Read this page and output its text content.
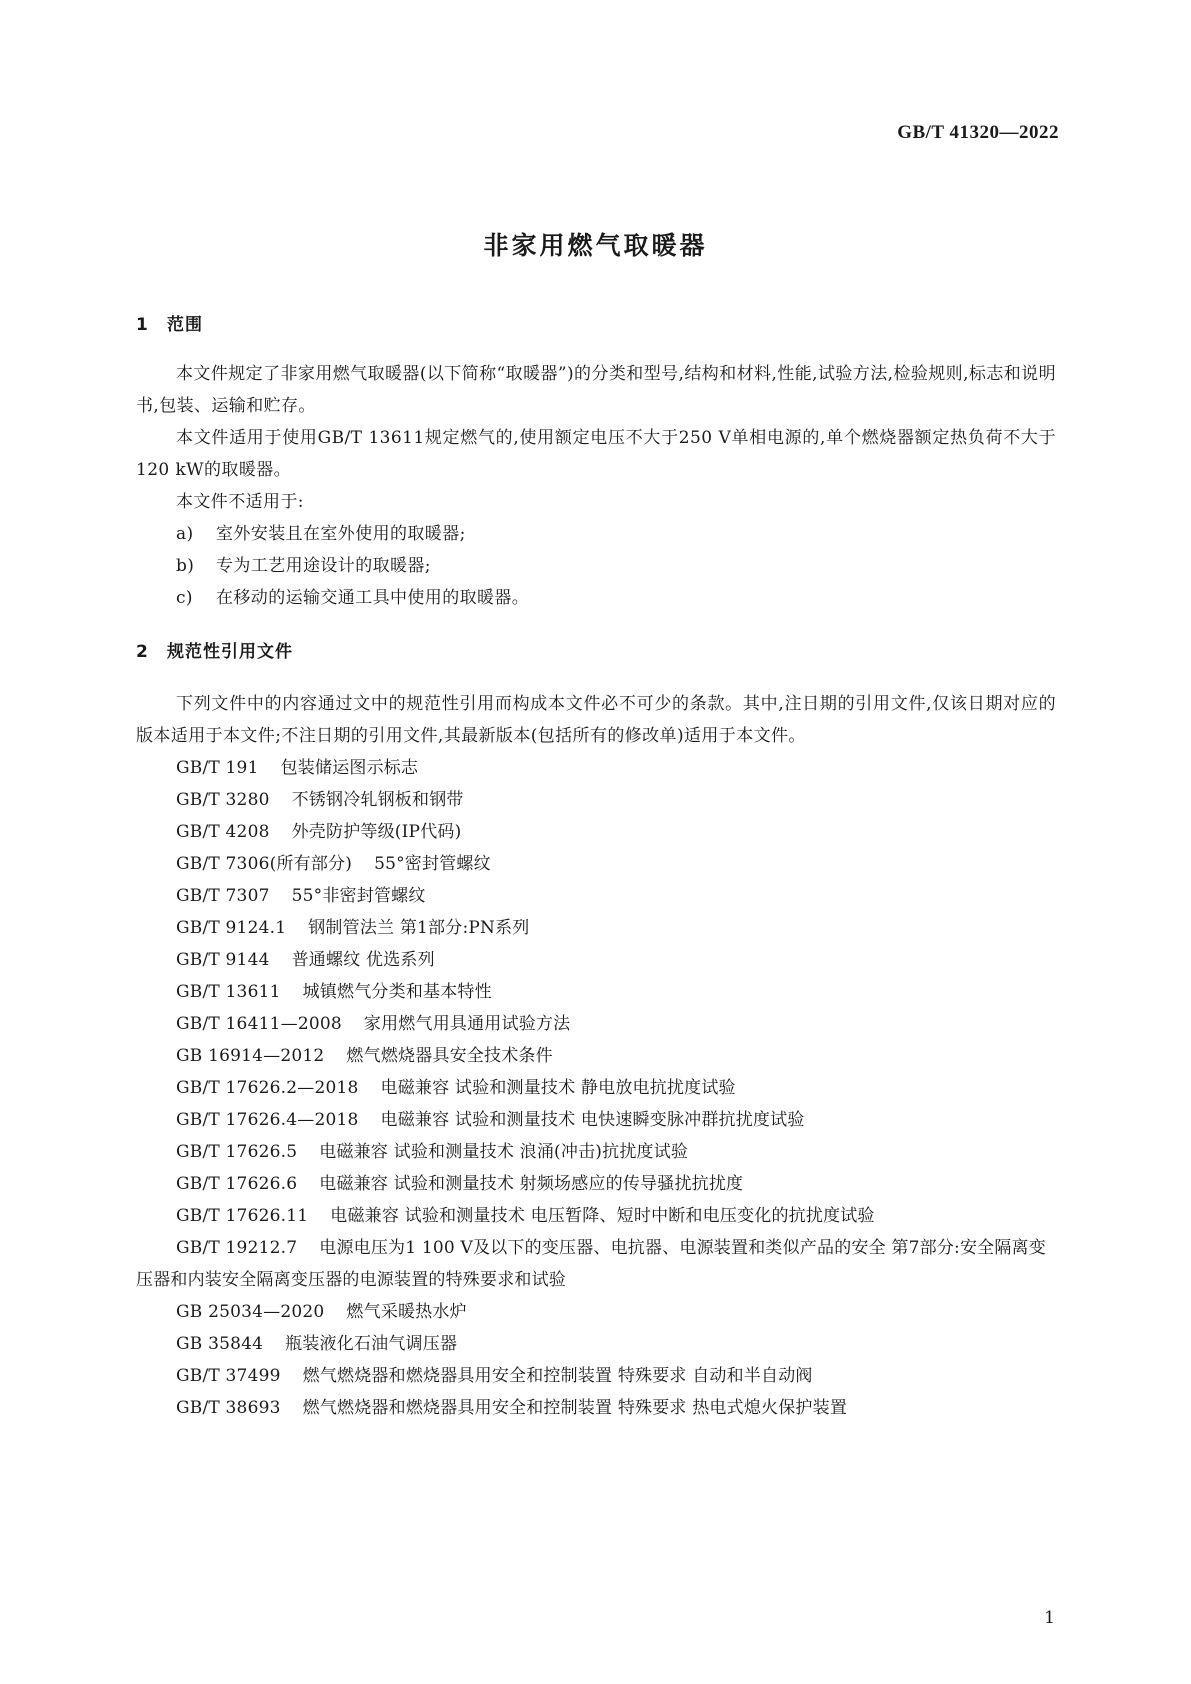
GB/T 41320—2022
非家用燃气取暖器
1 范围
本文件规定了非家用燃气取暖器(以下简称“取暖器”)的分类和型号,结构和材料,性能,试验方法,检验规则,标志和说明书,包装、运输和贮存。
本文件适用于使用GB/T 13611规定燃气的,使用额定电压不大于250 V单相电源的,单个燃烧器额定热负荷不大于120 kW的取暖器。
本文件不适用于:
a) 室外安装且在室外使用的取暖器;
b) 专为工艺用途设计的取暖器;
c) 在移动的运输交通工具中使用的取暖器。
2 规范性引用文件
下列文件中的内容通过文中的规范性引用而构成本文件必不可少的条款。其中,注日期的引用文件,仅该日期对应的版本适用于本文件;不注日期的引用文件,其最新版本(包括所有的修改单)适用于本文件。
GB/T 191 包装储运图示标志
GB/T 3280 不锈钢冷轧钢板和钢带
GB/T 4208 外壳防护等级(IP代码)
GB/T 7306(所有部分) 55°密封管螺纹
GB/T 7307 55°非密封管螺纹
GB/T 9124.1 钢制管法兰 第1部分:PN系列
GB/T 9144 普通螺纹 优选系列
GB/T 13611 城镇燃气分类和基本特性
GB/T 16411—2008 家用燃气用具通用试验方法
GB 16914—2012 燃气燃烧器具安全技术条件
GB/T 17626.2—2018 电磁兼容 试验和测量技术 静电放电抗扰度试验
GB/T 17626.4—2018 电磁兼容 试验和测量技术 电快速瞬变脉冲群抗扰度试验
GB/T 17626.5 电磁兼容 试验和测量技术 浪涌(冲击)抗扰度试验
GB/T 17626.6 电磁兼容 试验和测量技术 射频场感应的传导骚扰抗扰度
GB/T 17626.11 电磁兼容 试验和测量技术 电压暂降、短时中断和电压变化的抗扰度试验
GB/T 19212.7 电源电压为1 100 V及以下的变压器、电抗器、电源装置和类似产品的安全 第7部分:安全隔离变压器和内装安全隔离变压器的电源装置的特殊要求和试验
GB 25034—2020 燃气采暖热水炉
GB 35844 瓶装液化石油气调压器
GB/T 37499 燃气燃烧器和燃烧器具用安全和控制装置 特殊要求 自动和半自动阀
GB/T 38693 燃气燃烧器和燃烧器具用安全和控制装置 特殊要求 热电式熄火保护装置
1
